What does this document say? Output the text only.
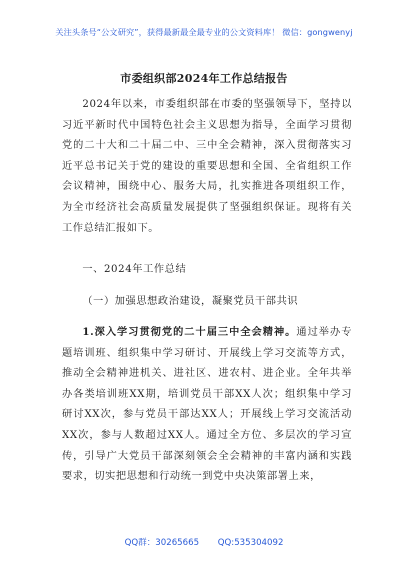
关注头条号“公文研究”，获得最新最全最专业的公文资料库！ 微信：gongwenyj
市委组织部2024年工作总结报告
2024年以来，市委组织部在市委的坚强领导下，坚持以习近平新时代中国特色社会主义思想为指导，全面学习贯彻党的二十大和二十届二中、三中全会精神，深入贯彻落实习近平总书记关于党的建设的重要思想和全国、全省组织工作会议精神，围绕中心、服务大局，扎实推进各项组织工作，为全市经济社会高质量发展提供了坚强组织保证。现将有关工作总结汇报如下。
一、2024年工作总结
（一）加强思想政治建设，凝聚党员干部共识
1.深入学习贯彻党的二十届三中全会精神。通过举办专题培训班、组织集中学习研讨、开展线上学习交流等方式，推动全会精神进机关、进社区、进农村、进企业。全年共举办各类培训班XX期，培训党员干部XX人次；组织集中学习研讨XX次，参与党员干部达XX人；开展线上学习交流活动XX次，参与人数超过XX人。通过全方位、多层次的学习宣传，引导广大党员干部深刻领会全会精神的丰富内涵和实践要求，切实把思想和行动统一到党中央决策部署上来，
QQ群：30265665 QQ:535304092
